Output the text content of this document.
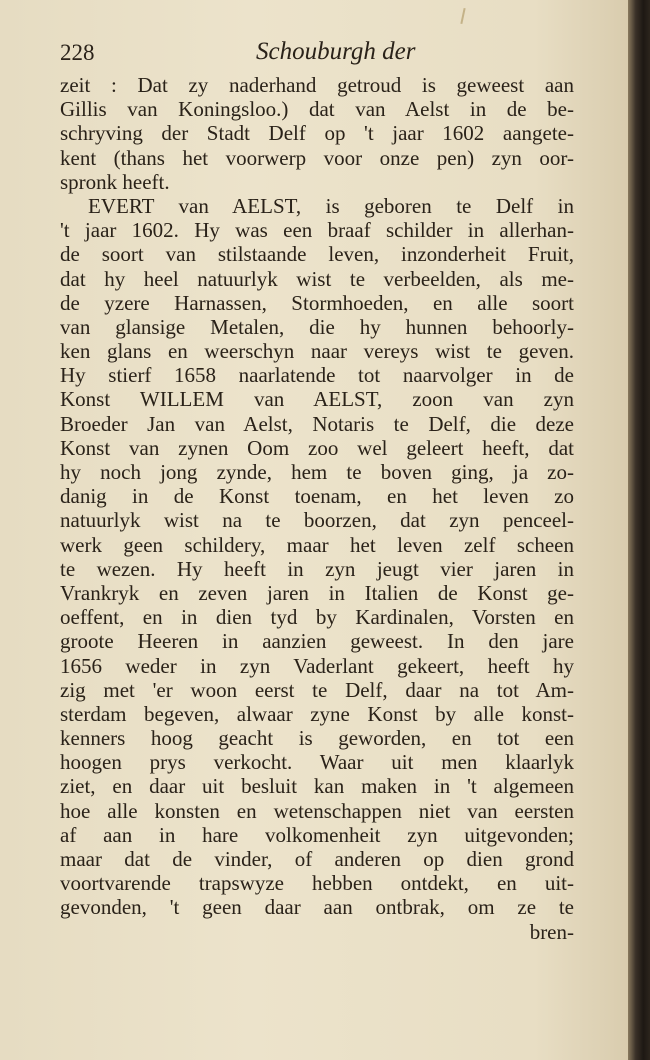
228	Schouburgh der
zeit : Dat zy naderhand getroud is geweest aan
Gillis van Koningsloo.) dat van Aelst in de be-
schryving der Stadt Delf op 't jaar 1602 aangete-
kent (thans het voorwerp voor onze pen) zyn oor-
spronk heeft.
EVERT van AELST, is geboren te Delf in
't jaar 1602. Hy was een braaf schilder in allerhan-
de soort van stilstaande leven, inzonderheit Fruit,
dat hy heel natuurlyk wist te verbeelden, als me-
de yzere Harnassen, Stormhoeden, en alle soort
van glansige Metalen, die hy hunnen behoorly-
ken glans en weerschyn naar vereys wist te geven.
Hy stierf 1658 naarlatende tot naarvolger in de
Konst WILLEM van AELST, zoon van zyn
Broeder Jan van Aelst, Notaris te Delf, die deze
Konst van zynen Oom zoo wel geleert heeft, dat
hy noch jong zynde, hem te boven ging, ja zo-
danig in de Konst toenam, en het leven zo
natuurlyk wist na te boorzen, dat zyn penceel-
werk geen schildery, maar het leven zelf scheen
te wezen. Hy heeft in zyn jeugt vier jaren in
Vrankryk en zeven jaren in Italien de Konst ge-
oeffent, en in dien tyd by Kardinalen, Vorsten en
groote Heeren in aanzien geweest. In den jare
1656 weder in zyn Vaderlant gekeert, heeft hy
zig met 'er woon eerst te Delf, daar na tot Am-
sterdam begeven, alwaar zyne Konst by alle konst-
kenners hoog geacht is geworden, en tot een
hoogen prys verkocht. Waar uit men klaarlyk
ziet, en daar uit besluit kan maken in 't algemeen
hoe alle konsten en wetenschappen niet van eersten
af aan in hare volkomenheit zyn uitgevonden;
maar dat de vinder, of anderen op dien grond
voortvarende trapswyze hebben ontdekt, en uit-
gevonden, 't geen daar aan ontbrak, om ze te
bren-
